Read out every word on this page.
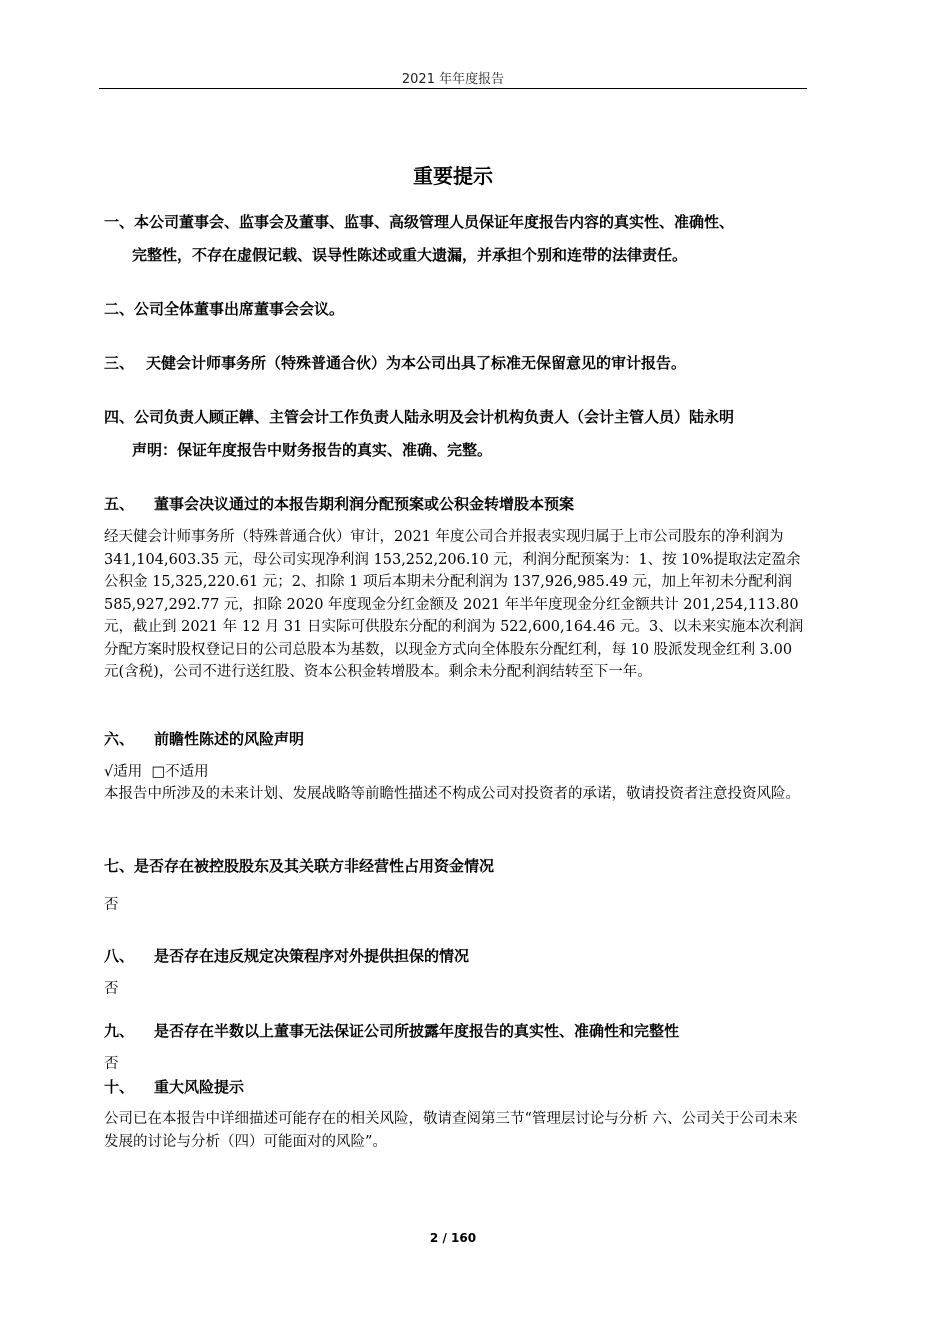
2021 年年度报告
重要提示
一、本公司董事会、监事会及董事、监事、高级管理人员保证年度报告内容的真实性、准确性、
完整性，不存在虚假记载、误导性陈述或重大遗漏，并承担个别和连带的法律责任。
二、公司全体董事出席董事会会议。
三、 天健会计师事务所（特殊普通合伙）为本公司出具了标准无保留意见的审计报告。
四、公司负责人顾正韡、主管会计工作负责人陆永明及会计机构负责人（会计主管人员）陆永明
声明：保证年度报告中财务报告的真实、准确、完整。
五、 董事会决议通过的本报告期利润分配预案或公积金转增股本预案
经天健会计师事务所（特殊普通合伙）审计，2021 年度公司合并报表实现归属于上市公司股东的净利润为 341,104,603.35 元，母公司实现净利润 153,252,206.10 元，利润分配预案为：1、按 10%提取法定盈余公积金 15,325,220.61 元；2、扣除 1 项后本期未分配利润为 137,926,985.49 元，加上年初未分配利润 585,927,292.77 元，扣除 2020 年度现金分红金额及 2021 年半年度现金分红金额共计 201,254,113.80 元，截止到 2021 年 12 月 31 日实际可供股东分配的利润为 522,600,164.46 元。3、以未来实施本次利润分配方案时股权登记日的公司总股本为基数，以现金方式向全体股东分配红利，每 10 股派发现金红利 3.00 元(含税)，公司不进行送红股、资本公积金转增股本。剩余未分配利润结转至下一年。
六、 前瞻性陈述的风险声明
√适用  □不适用
本报告中所涉及的未来计划、发展战略等前瞻性描述不构成公司对投资者的承诺，敬请投资者注意投资风险。
七、是否存在被控股股东及其关联方非经营性占用资金情况
否
八、 是否存在违反规定决策程序对外提供担保的情况
否
九、 是否存在半数以上董事无法保证公司所披露年度报告的真实性、准确性和完整性
否
十、 重大风险提示
公司已在本报告中详细描述可能存在的相关风险，敬请查阅第三节“管理层讨论与分析 六、公司关于公司未来发展的讨论与分析（四）可能面对的风险”。
2 / 160
